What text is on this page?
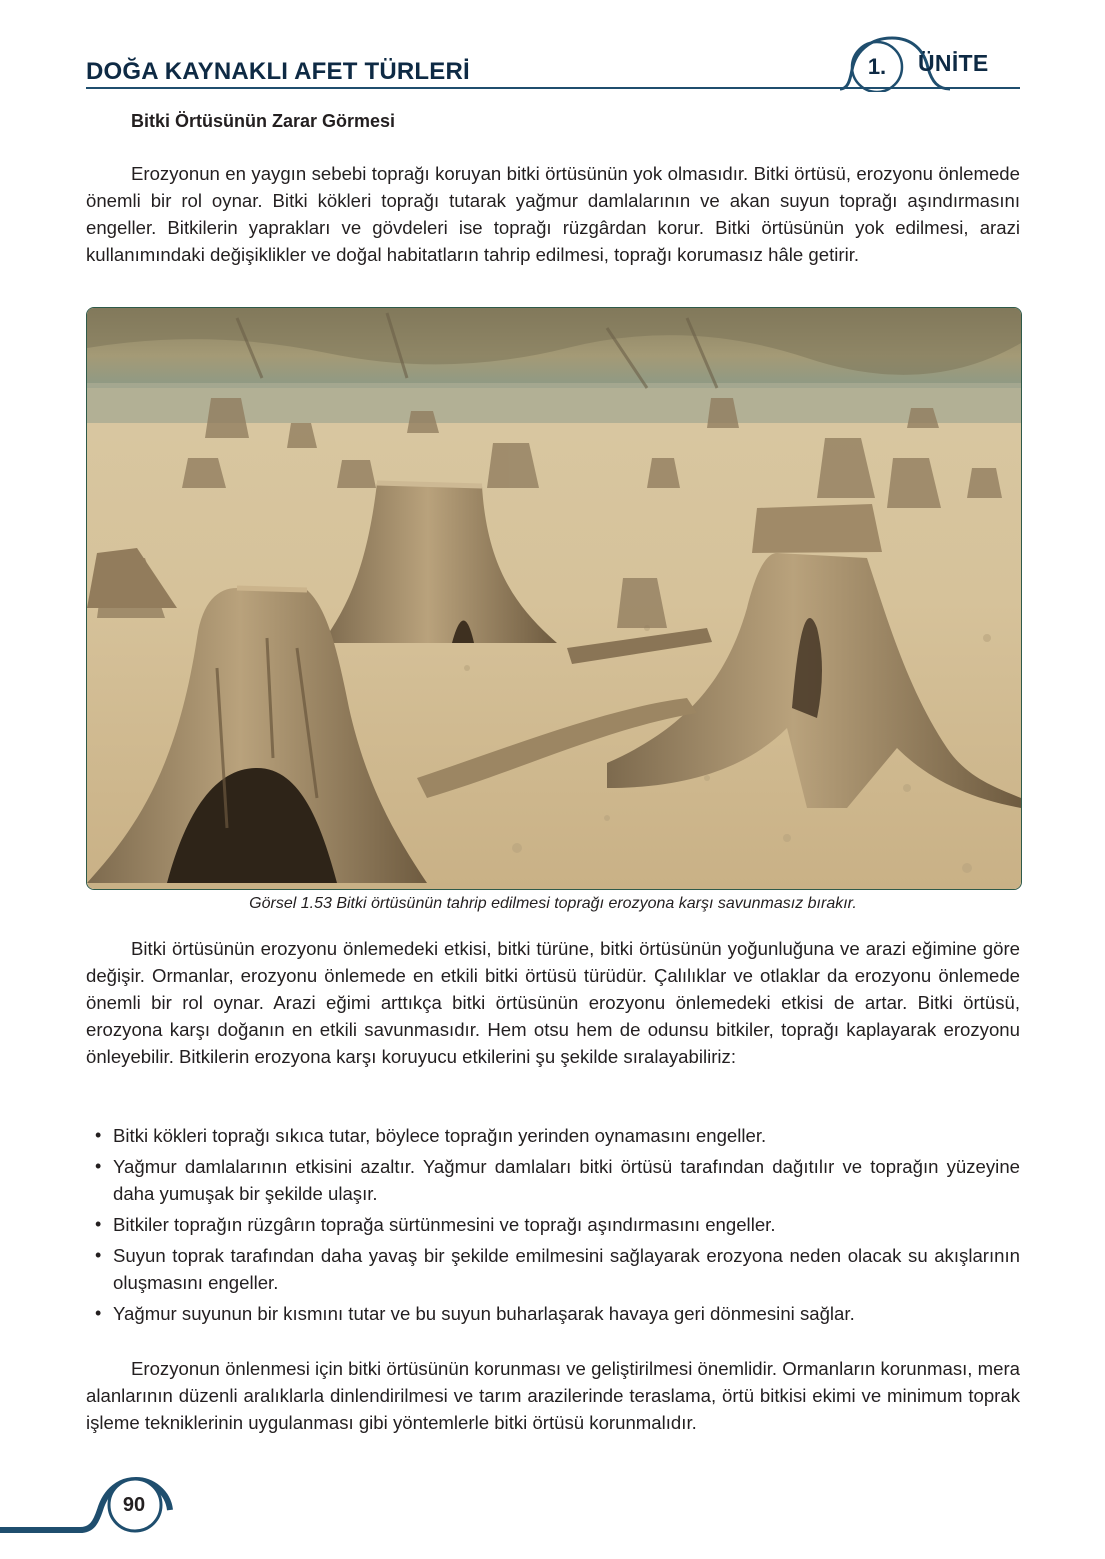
DOĞA KAYNAKLI AFET TÜRLERİ	1.	ÜNİTE
Bitki Örtüsünün Zarar Görmesi

Erozyonun en yaygın sebebi toprağı koruyan bitki örtüsünün yok olmasıdır. Bitki örtüsü, erozyonu önlemede önemli bir rol oynar. Bitki kökleri toprağı tutarak yağmur damlalarının ve akan suyun toprağı aşındırmasını engeller. Bitkilerin yaprakları ve gövdeleri ise toprağı rüzgârdan korur. Bitki örtüsünün yok edilmesi, arazi kullanımındaki değişiklikler ve doğal habitatların tahrip edilmesi, toprağı korumasız hâle getirir.

Görsel 1.53 Bitki örtüsünün tahrip edilmesi toprağı erozyona karşı savunmasız bırakır.

Bitki örtüsünün erozyonu önlemedeki etkisi, bitki türüne, bitki örtüsünün yoğunluğuna ve arazi eğimine göre değişir. Ormanlar, erozyonu önlemede en etkili bitki örtüsü türüdür. Çalılıklar ve otlaklar da erozyonu önlemede önemli bir rol oynar. Arazi eğimi arttıkça bitki örtüsünün erozyonu önlemedeki etkisi de artar. Bitki örtüsü, erozyona karşı doğanın en etkili savunmasıdır. Hem otsu hem de odunsu bitkiler, toprağı kaplayarak erozyonu önleyebilir. Bitkilerin erozyona karşı koruyucu etkilerini şu şekilde sıralayabiliriz:

• Bitki kökleri toprağı sıkıca tutar, böylece toprağın yerinden oynamasını engeller.
• Yağmur damlalarının etkisini azaltır. Yağmur damlaları bitki örtüsü tarafından dağıtılır ve toprağın yüzeyine daha yumuşak bir şekilde ulaşır.
• Bitkiler toprağın rüzgârın toprağa sürtünmesini ve toprağı aşındırmasını engeller.
• Suyun toprak tarafından daha yavaş bir şekilde emilmesini sağlayarak erozyona neden olacak su akışlarının oluşmasını engeller.
• Yağmur suyunun bir kısmını tutar ve bu suyun buharlaşarak havaya geri dönmesini sağlar.

Erozyonun önlenmesi için bitki örtüsünün korunması ve geliştirilmesi önemlidir. Ormanların korunması, mera alanlarının düzenli aralıklarla dinlendirilmesi ve tarım arazilerinde teraslama, örtü bitkisi ekimi ve minimum toprak işleme tekniklerinin uygulanması gibi yöntemlerle bitki örtüsü korunmalıdır.

90
